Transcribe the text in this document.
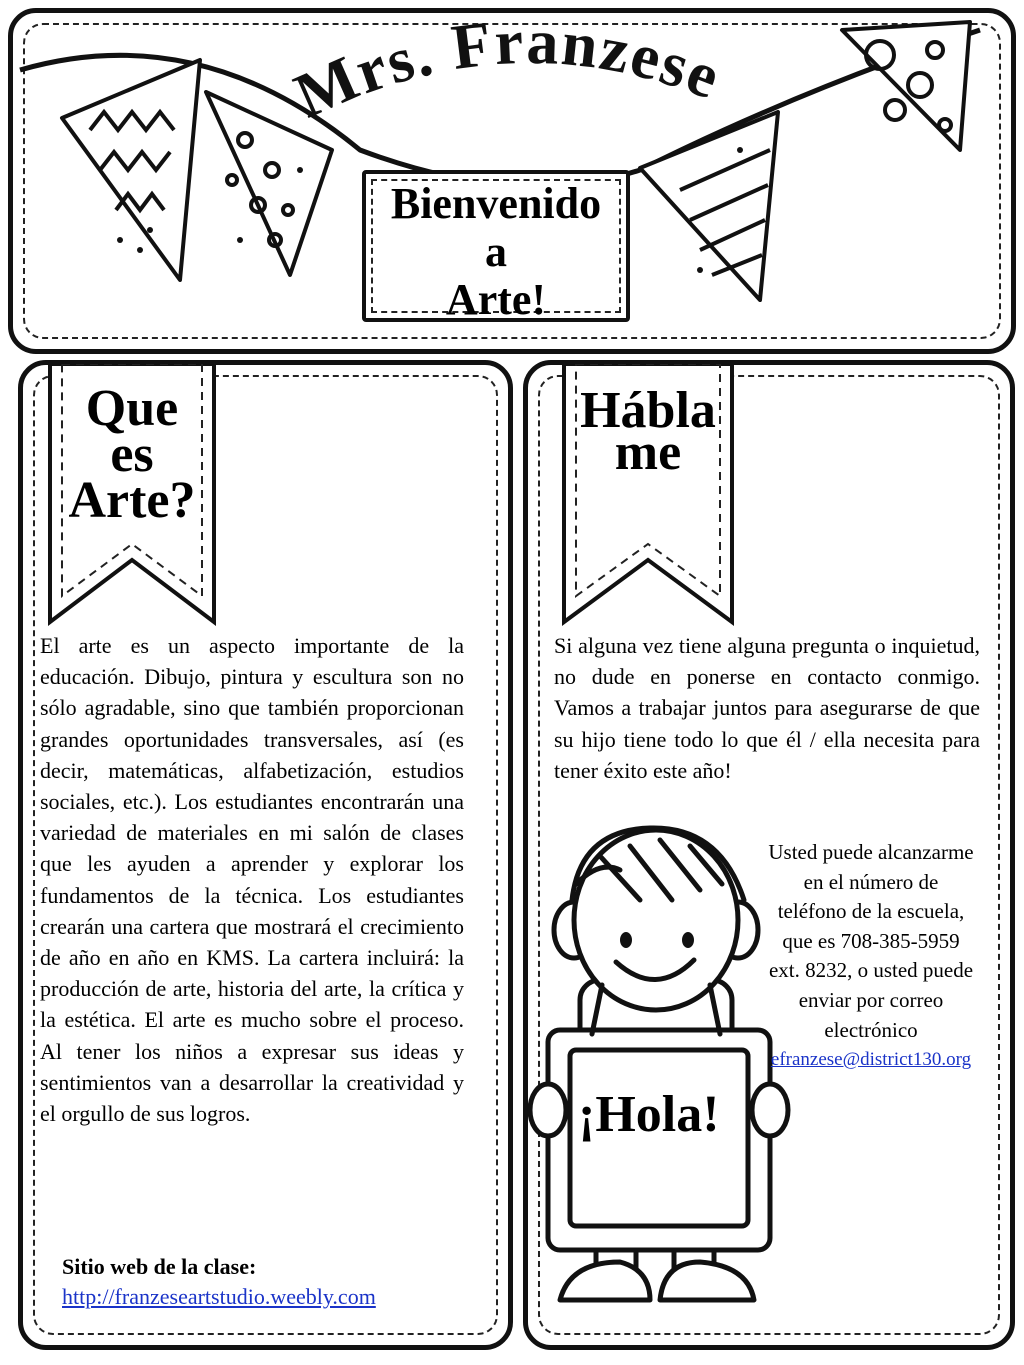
Mrs. Franzese
Bienvenido
a
Arte!
Que
es
Arte?
El arte es un aspecto importante de la educación. Dibujo, pintura y escultura son no sólo agradable, sino que también proporcionan grandes oportunidades transversales, así (es decir, matemáticas, alfabetización, estudios sociales, etc.). Los estudiantes encontrarán una variedad de materiales en mi salón de clases que les ayuden a aprender y explorar los fundamentos de la técnica. Los estudiantes crearán una cartera que mostrará el crecimiento de año en año en KMS. La cartera incluirá: la producción de arte, historia del arte, la crítica y la estética. El arte es mucho sobre el proceso. Al tener los niños a expresar sus ideas y sentimientos van a desarrollar la creatividad y el orgullo de sus logros.
Sitio web de la clase:
http://franzeseartstudio.weebly.com
Hábla
me
Si alguna vez tiene alguna pregunta o inquietud, no dude en ponerse en contacto conmigo. Vamos a trabajar juntos para asegurarse de que su hijo tiene todo lo que él / ella necesita para tener éxito este año!
¡Hola!
Usted puede alcanzarme
en el número de
teléfono de la escuela,
que es 708-385-5959
ext. 8232, o usted puede
enviar por correo
electrónico
efranzese@district130.org
